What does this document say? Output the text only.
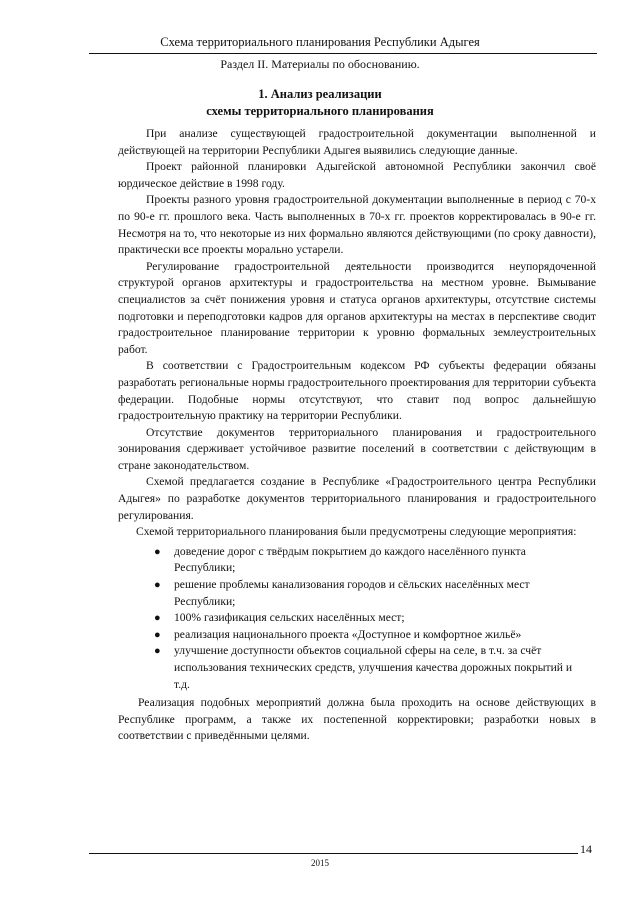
Схема территориального планирования Республики Адыгея
Раздел II. Материалы по обоснованию.
1. Анализ реализации
схемы территориального планирования

При анализе существующей градостроительной документации выполненной и действующей на территории Республики Адыгея выявились следующие данные.

Проект районной планировки Адыгейской автономной Республики закончил своё юрдическое действие в 1998 году.

Проекты разного уровня градостроительной документации выполненные в период с 70-х по 90-е гг. прошлого века. Часть выполненных в 70-х гг. проектов корректировалась в 90-е гг. Несмотря на то, что некоторые из них формально являются действующими (по сроку давности), практически все проекты морально устарели.

Регулирование градостроительной деятельности производится неупорядоченной структурой органов архитектуры и градостроительства на местном уровне. Вымывание специалистов за счёт понижения уровня и статуса органов архитектуры, отсутствие системы подготовки и переподготовки кадров для органов архитектуры на местах в перспективе сводит градостроительное планирование территории к уровню формальных землеустроительных работ.

В соответствии с Градостроительным кодексом РФ субъекты федерации обязаны разработать региональные нормы градостроительного проектирования для территории субъекта федерации. Подобные нормы отсутствуют, что ставит под вопрос дальнейшую градостроительную практику на территории Республики.

Отсутствие документов территориального планирования и градостроительного зонирования сдерживает устойчивое развитие поселений в соответствии с действующим в стране законодательством.

Схемой предлагается создание в Республике «Градостроительного центра Республики Адыгея» по разработке документов территориального планирования и градостроительного регулирования.

Схемой территориального планирования были предусмотрены следующие мероприятия:

● доведение дорог с твёрдым покрытием до каждого населённого пункта Республики;
● решение проблемы канализования городов и сёльских населённых мест Республики;
● 100% газификация сельских населённых мест;
● реализация национального проекта «Доступное и комфортное жильё»
● улучшение доступности объектов социальной сферы на селе, в т.ч. за счёт использования технических средств, улучшения качества дорожных покрытий и т.д.

Реализация подобных мероприятий должна была проходить на основе действующих в Республике программ, а также их постепенной корректировки; разработки новых в соответствии с приведёнными целями.

14
2015
